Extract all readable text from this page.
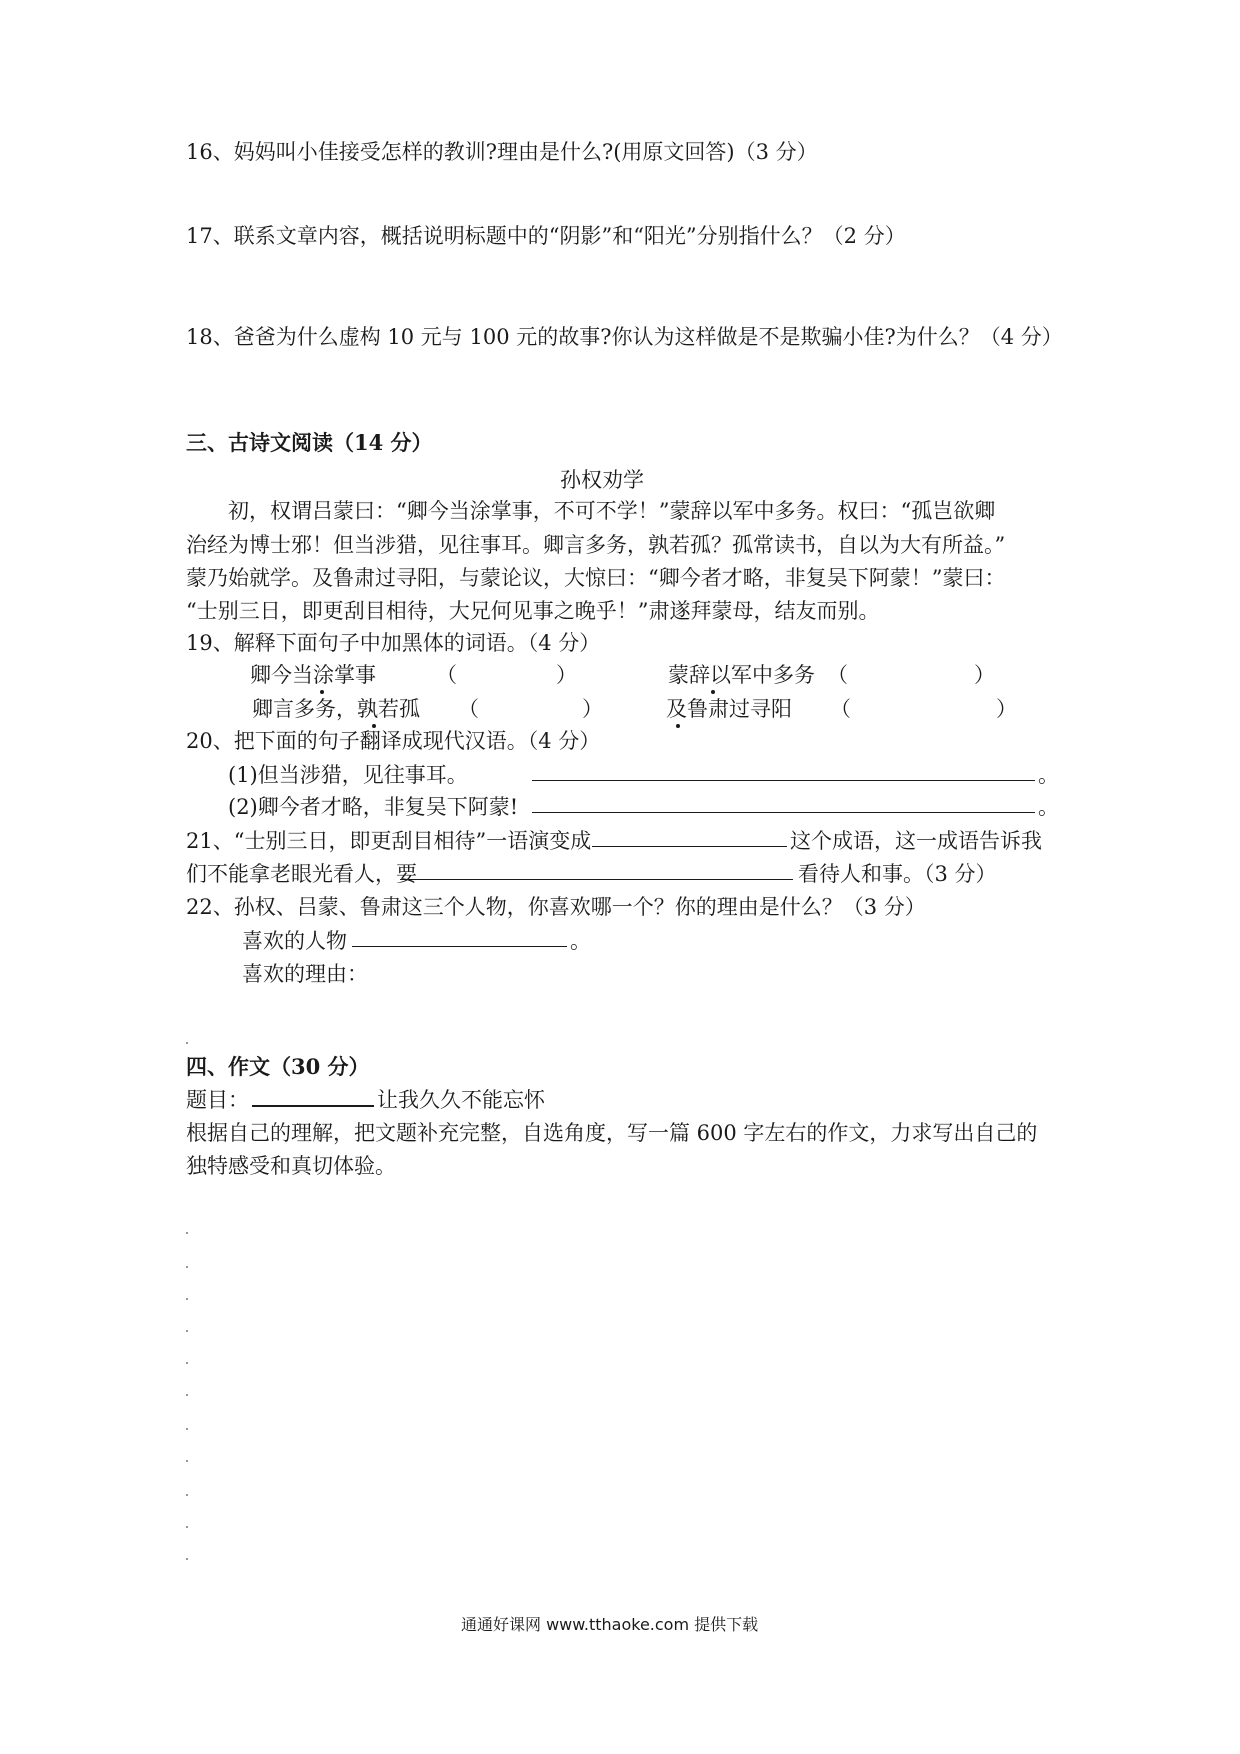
16、妈妈叫小佳接受怎样的教训?理由是什么?(用原文回答)（3 分）
17、联系文章内容，概括说明标题中的“阴影”和“阳光”分别指什么？（2 分）
18、爸爸为什么虚构 10 元与 100 元的故事?你认为这样做是不是欺骗小佳?为什么？（4 分）
三、古诗文阅读（14 分）
孙权劝学
初，权谓吕蒙曰：“卿今当涂掌事，不可不学！”蒙辞以军中多务。权曰：“孤岂欲卿
治经为博士邪！但当涉猎，见往事耳。卿言多务，孰若孤？孤常读书，自以为大有所益。”
蒙乃始就学。及鲁肃过寻阳，与蒙论议，大惊曰：“卿今者才略，非复吴下阿蒙！”蒙曰：
“士别三日，即更刮目相待，大兄何见事之晚乎！”肃遂拜蒙母，结友而别。
19、解释下面句子中加黑体的词语。（4 分）
卿今当涂掌事	（	）	蒙辞以军中多务 （	）
卿言多务，孰若孤 （	）	及鲁肃过寻阳 （	）
20、把下面的句子翻译成现代汉语。（4 分）
(1)但当涉猎，见往事耳。	。
(2)卿今者才略，非复吴下阿蒙!	。
21、“士别三日，即更刮目相待”一语演变成	这个成语，这一成语告诉我
们不能拿老眼光看人，要	看待人和事。（3 分）
22、孙权、吕蒙、鲁肃这三个人物，你喜欢哪一个？你的理由是什么？（3 分）
喜欢的人物	。
喜欢的理由：
四、作文（30 分）
题目：	让我久久不能忘怀
根据自己的理解，把文题补充完整，自选角度，写一篇 600 字左右的作文，力求写出自己的
独特感受和真切体验。
通通好课网 www.tthaoke.com 提供下载
